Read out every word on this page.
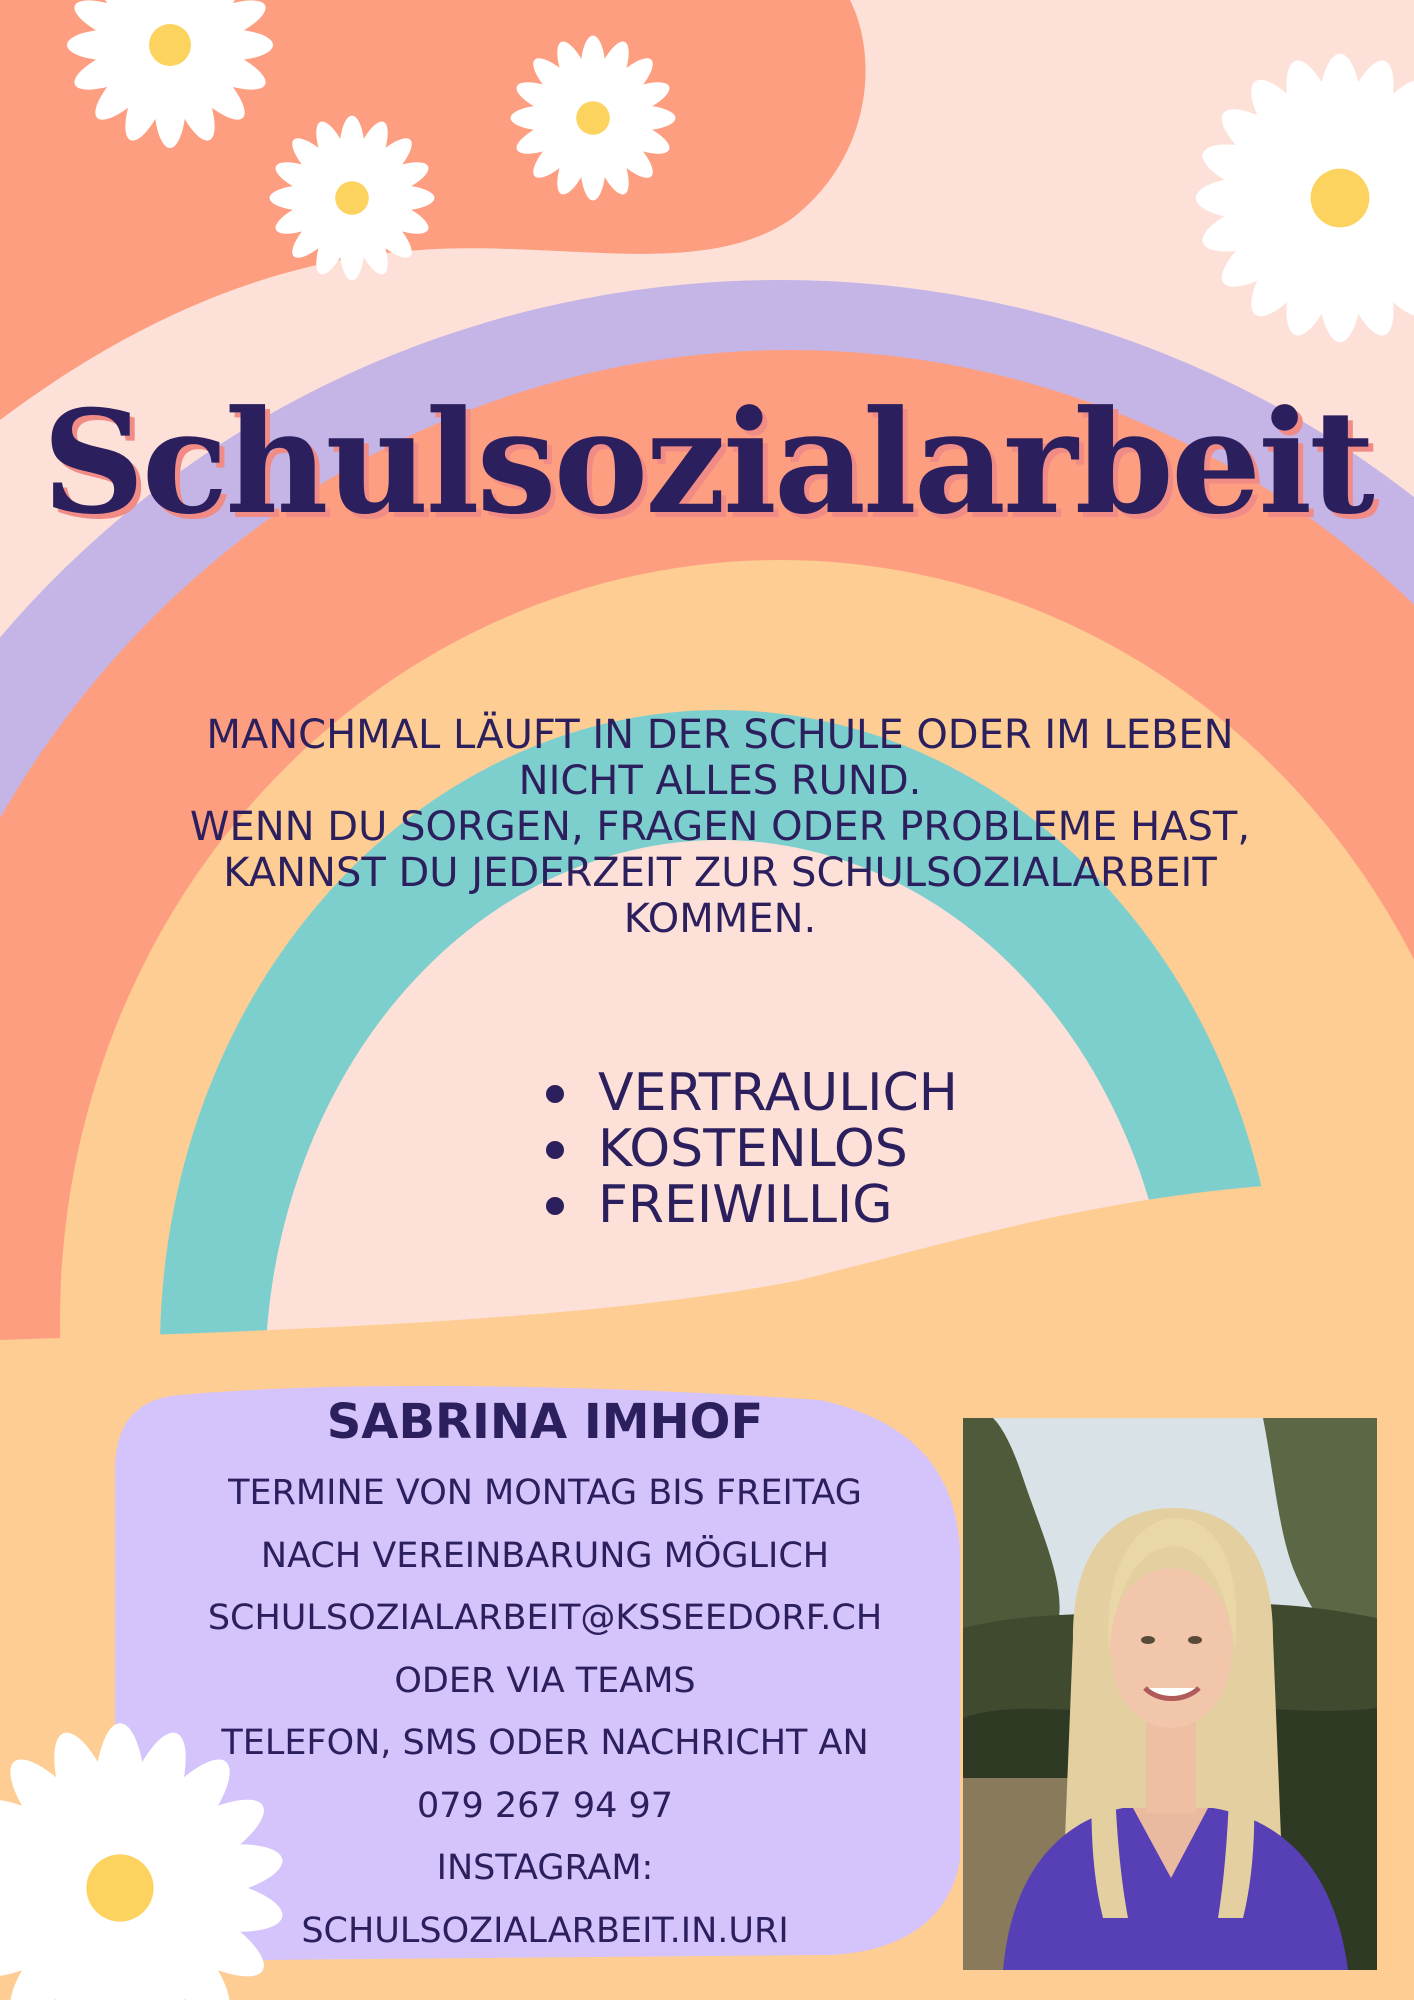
Schulsozialarbeit
MANCHMAL LÄUFT IN DER SCHULE ODER IM LEBEN
NICHT ALLES RUND.
WENN DU SORGEN, FRAGEN ODER PROBLEME HAST,
KANNST DU JEDERZEIT ZUR SCHULSOZIALARBEIT
KOMMEN.
VERTRAULICH
KOSTENLOS
FREIWILLIG
SABRINA IMHOF
TERMINE VON MONTAG BIS FREITAG
NACH VEREINBARUNG MÖGLICH
SCHULSOZIALARBEIT@KSSEEDORF.CH
ODER VIA TEAMS
TELEFON, SMS ODER NACHRICHT AN
079 267 94 97
INSTAGRAM:
SCHULSOZIALARBEIT.IN.URI
